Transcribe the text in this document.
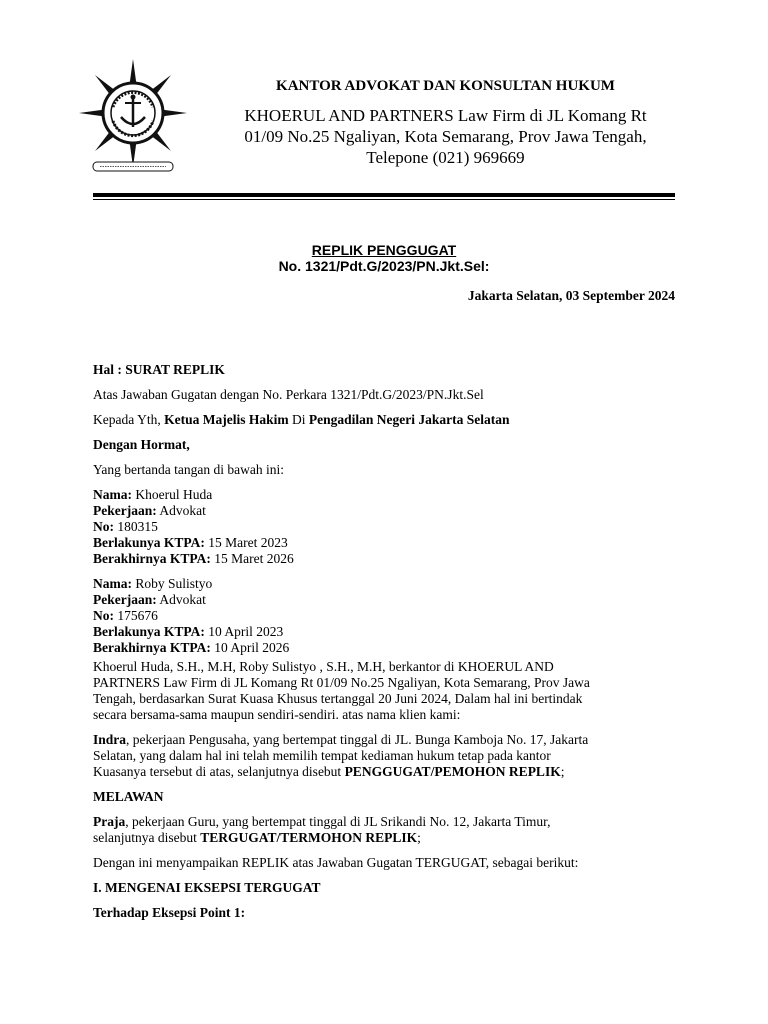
KANTOR ADVOKAT DAN KONSULTAN HUKUM
KHOERUL AND PARTNERS Law Firm di JL Komang Rt
01/09 No.25 Ngaliyan, Kota Semarang, Prov Jawa Tengah,
Telepone (021) 969669
REPLIK PENGGUGAT
No. 1321/Pdt.G/2023/PN.Jkt.Sel:
Jakarta Selatan, 03 September 2024

Hal : SURAT REPLIK

Atas Jawaban Gugatan dengan No. Perkara 1321/Pdt.G/2023/PN.Jkt.Sel

Kepada Yth, Ketua Majelis Hakim Di Pengadilan Negeri Jakarta Selatan

Dengan Hormat,

Yang bertanda tangan di bawah ini:

Nama: Khoerul Huda
Pekerjaan: Advokat
No: 180315
Berlakunya KTPA: 15 Maret 2023
Berakhirnya KTPA: 15 Maret 2026

Nama: Roby Sulistyo
Pekerjaan: Advokat
No: 175676
Berlakunya KTPA: 10 April 2023
Berakhirnya KTPA: 10 April 2026

Khoerul Huda, S.H., M.H, Roby Sulistyo , S.H., M.H, berkantor di KHOERUL AND
PARTNERS Law Firm di JL Komang Rt 01/09 No.25 Ngaliyan, Kota Semarang, Prov Jawa
Tengah, berdasarkan Surat Kuasa Khusus tertanggal 20 Juni 2024, Dalam hal ini bertindak
secara bersama-sama maupun sendiri-sendiri. atas nama klien kami:

Indra, pekerjaan Pengusaha, yang bertempat tinggal di JL. Bunga Kamboja No. 17, Jakarta
Selatan, yang dalam hal ini telah memilih tempat kediaman hukum tetap pada kantor
Kuasanya tersebut di atas, selanjutnya disebut PENGGUGAT/PEMOHON REPLIK;

MELAWAN

Praja, pekerjaan Guru, yang bertempat tinggal di JL Srikandi No. 12, Jakarta Timur,
selanjutnya disebut TERGUGAT/TERMOHON REPLIK;

Dengan ini menyampaikan REPLIK atas Jawaban Gugatan TERGUGAT, sebagai berikut:

I. MENGENAI EKSEPSI TERGUGAT

Terhadap Eksepsi Point 1:
